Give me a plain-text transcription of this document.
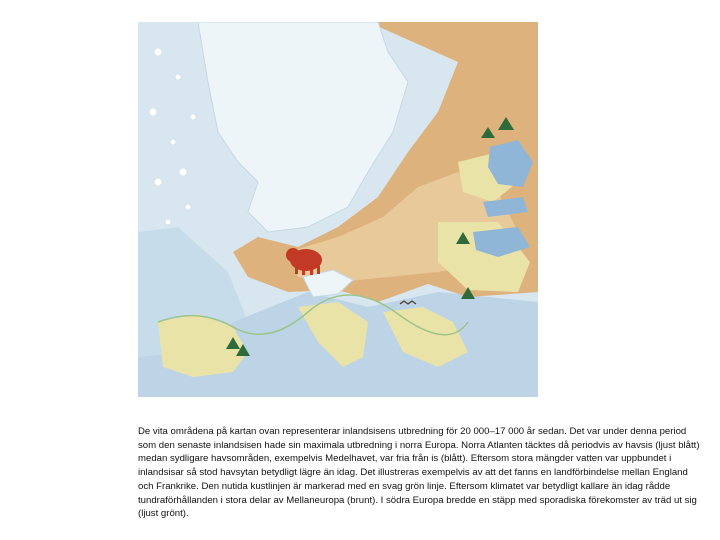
De vita områdena på kartan ovan representerar inlandsisens utbredning för 20 000–17 000 år sedan. Det var under denna period som den senaste inlandsisen hade sin maximala utbredning i norra Europa. Norra Atlanten täcktes då periodvis av havsis (ljust blått) medan sydligare havsområden, exempelvis Medelhavet, var fria från is (blått). Eftersom stora mängder vatten var uppbundet i inlandsisar så stod havsytan betydligt lägre än idag. Det illustreras exempelvis av att det fanns en landförbindelse mellan England och Frankrike. Den nutida kustlinjen är markerad med en svag grön linje. Eftersom klimatet var betydligt kallare än idag rådde tundraförhållanden i stora delar av Mellaneuropa (brunt). I södra Europa bredde en stäpp med sporadiska förekomster av träd ut sig (ljust grönt).
